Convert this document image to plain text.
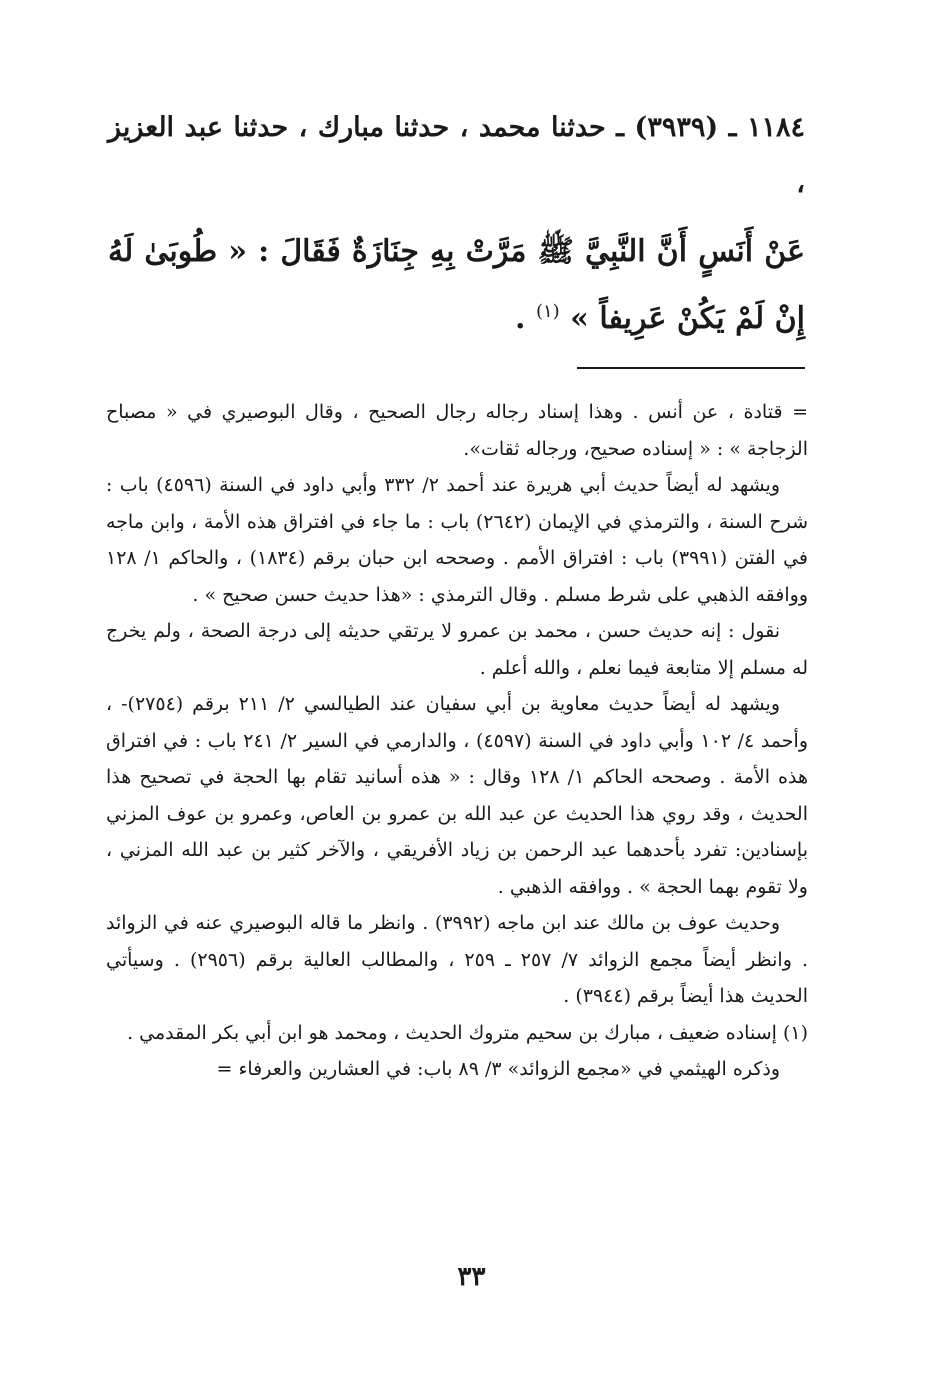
١١٨٤ ـ (٣٩٣٩) ـ حدثنا محمد ، حدثنا مبارك ، حدثنا عبد العزيز ،

عَنْ أَنَسٍ أَنَّ النَّبِيَّ ﷺ مَرَّتْ بِهِ جِنَازَةٌ فَقَالَ : « طُوبَىٰ لَهُ إِنْ لَمْ يَكُنْ عَرِيفاً » $^{(١)}$ .

= قتادة ، عن أنس . وهذا إسناد رجاله رجال الصحيح ، وقال البوصيري في « مصباح الزجاجة » : « إسناده صحيح، ورجاله ثقات».

ويشهد له أيضاً حديث أبي هريرة عند أحمد ٢/ ٣٣٢ وأبي داود في السنة (٤٥٩٦) باب : شرح السنة ، والترمذي في الإيمان (٢٦٤٢) باب : ما جاء في افتراق هذه الأمة ، وابن ماجه في الفتن (٣٩٩١) باب : افتراق الأمم . وصححه ابن حبان برقم (١٨٣٤) ، والحاكم ١/ ١٢٨ ووافقه الذهبي على شرط مسلم . وقال الترمذي : «هذا حديث حسن صحيح » .

نقول : إنه حديث حسن ، محمد بن عمرو لا يرتقي حديثه إلى درجة الصحة ، ولم يخرج له مسلم إلا متابعة فيما نعلم ، والله أعلم .

ويشهد له أيضاً حديث معاوية بن أبي سفيان عند الطيالسي ٢/ ٢١١ برقم (٢٧٥٤)- ، وأحمد ٤/ ١٠٢ وأبي داود في السنة (٤٥٩٧) ، والدارمي في السير ٢/ ٢٤١ باب : في افتراق هذه الأمة . وصححه الحاكم ١/ ١٢٨ وقال : « هذه أسانيد تقام بها الحجة في تصحيح هذا الحديث ، وقد روي هذا الحديث عن عبد الله بن عمرو بن العاص، وعمرو بن عوف المزني بإسنادين: تفرد بأحدهما عبد الرحمن بن زياد الأفريقي ، والآخر كثير بن عبد الله المزني ، ولا تقوم بهما الحجة » . ووافقه الذهبي .

وحديث عوف بن مالك عند ابن ماجه (٣٩٩٢) . وانظر ما قاله البوصيري عنه في الزوائد . وانظر أيضاً مجمع الزوائد ٧/ ٢٥٧ ـ ٢٥٩ ، والمطالب العالية برقم (٢٩٥٦) . وسيأتي الحديث هذا أيضاً برقم (٣٩٤٤) .

(١) إسناده ضعيف ، مبارك بن سحيم متروك الحديث ، ومحمد هو ابن أبي بكر المقدمي .

وذكره الهيثمي في «مجمع الزوائد» ٣/ ٨٩ باب: في العشارين والعرفاء =

٣٣
